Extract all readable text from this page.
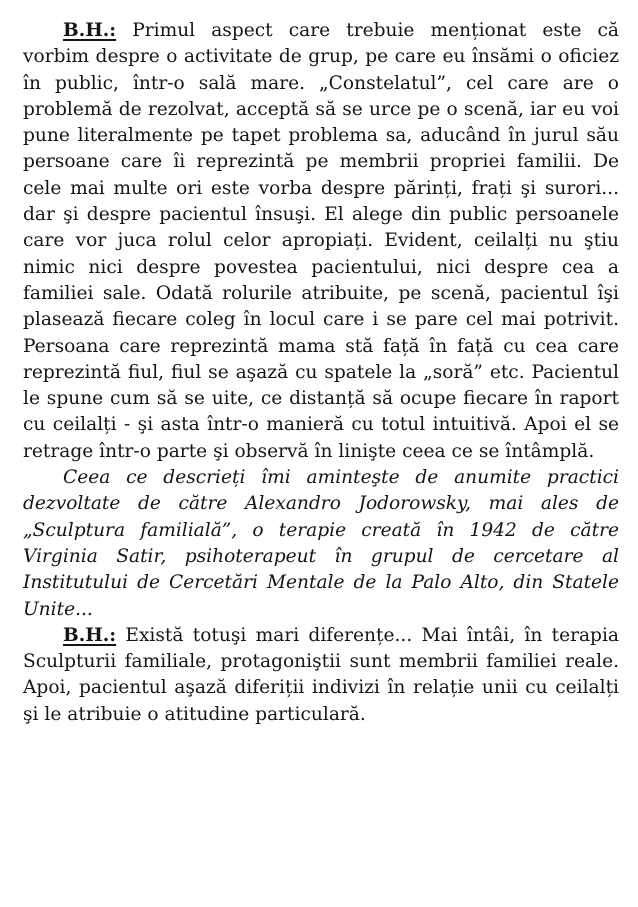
B.H.: Primul aspect care trebuie menționat este că vorbim despre o activitate de grup, pe care eu însămi o oficiez în public, într-o sală mare. „Constelatul”, cel care are o problemă de rezolvat, acceptă să se urce pe o scenă, iar eu voi pune literalmente pe tapet problema sa, aducând în jurul său persoane care îi reprezintă pe membrii propriei familii. De cele mai multe ori este vorba despre părinți, frați şi surori... dar şi despre pacientul însuşi. El alege din public persoanele care vor juca rolul celor apropiați. Evident, ceilalți nu ştiu nimic nici despre povestea pacientului, nici despre cea a familiei sale. Odată rolurile atribuite, pe scenă, pacientul îşi plasează fiecare coleg în locul care i se pare cel mai potrivit. Persoana care reprezintă mama stă față în față cu cea care reprezintă fiul, fiul se aşază cu spatele la „soră” etc. Pacientul le spune cum să se uite, ce distanță să ocupe fiecare în raport cu ceilalți - şi asta într-o manieră cu totul intuitivă. Apoi el se retrage într-o parte şi observă în linişte ceea ce se întâmplă.

Ceea ce descrieți îmi aminteşte de anumite practici dezvoltate de către Alexandro Jodorowsky, mai ales de „Sculptura familială”, o terapie creată în 1942 de către Virginia Satir, psihoterapeut în grupul de cercetare al Institutului de Cercetări Mentale de la Palo Alto, din Statele Unite...

B.H.: Există totuşi mari diferențe... Mai întâi, în terapia Sculpturii familiale, protagoniştii sunt membrii familiei reale. Apoi, pacientul aşază diferiții indivizi în relație unii cu ceilalți şi le atribuie o atitudine particulară.
